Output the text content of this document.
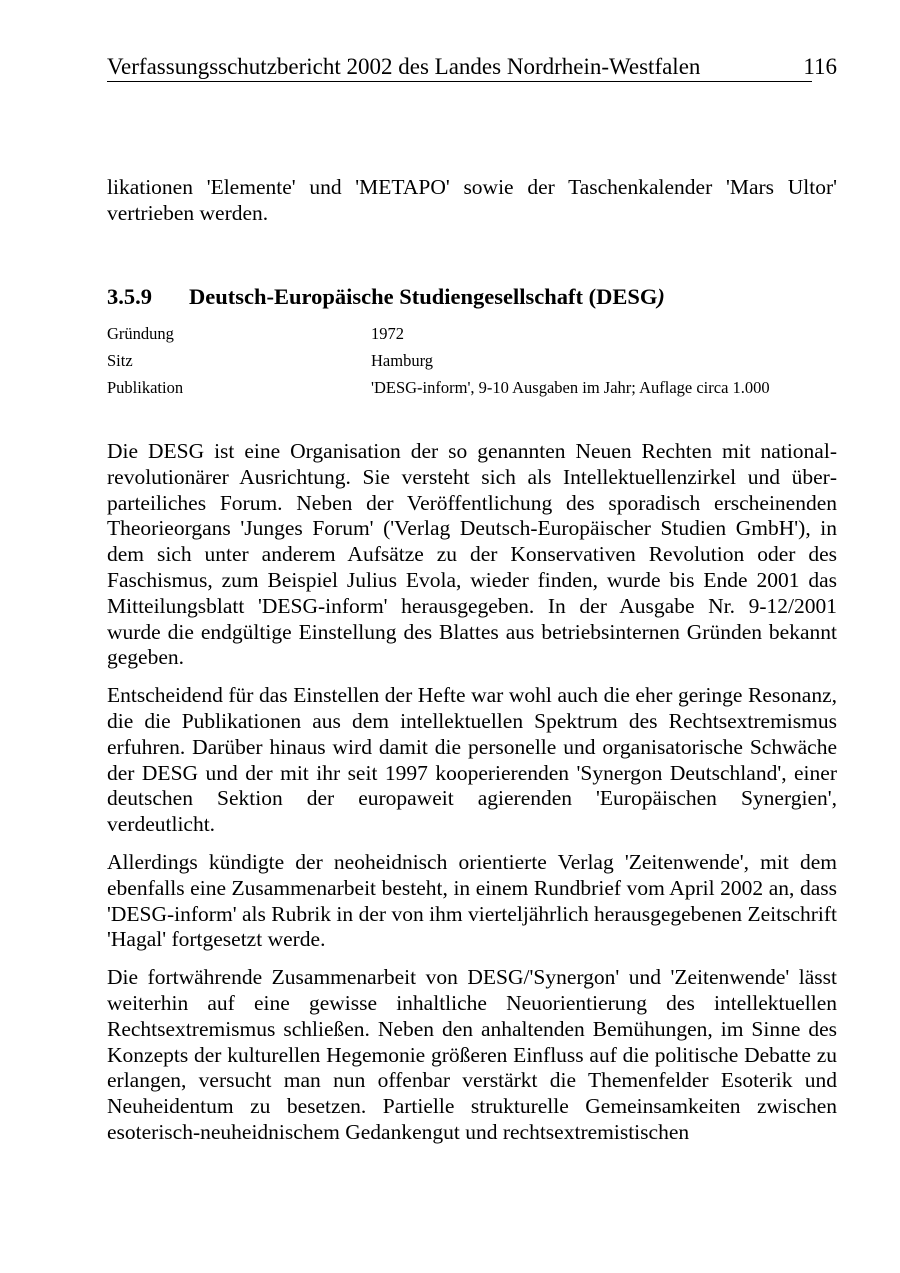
Verfassungsschutzbericht 2002 des Landes Nordrhein-Westfalen	116

likationen 'Elemente' und 'METAPO' sowie der Taschenkalender 'Mars Ultor' vertrieben werden.

3.5.9 Deutsch-Europäische Studiengesellschaft (DESG)
Gründung	1972
Sitz	Hamburg
Publikation	'DESG-inform', 9-10 Ausgaben im Jahr; Auflage circa 1.000

Die DESG ist eine Organisation der so genannten Neuen Rechten mit nationalrevolutionärer Ausrichtung. Sie versteht sich als Intellektuellenzirkel und überparteiliches Forum. Neben der Veröffentlichung des sporadisch erscheinenden Theorieorgans 'Junges Forum' ('Verlag Deutsch-Europäischer Studien GmbH'), in dem sich unter anderem Aufsätze zu der Konservativen Revolution oder des Faschismus, zum Beispiel Julius Evola, wieder finden, wurde bis Ende 2001 das Mitteilungsblatt 'DESG-inform' herausgegeben. In der Ausgabe Nr. 9-12/2001 wurde die endgültige Einstellung des Blattes aus betriebsinternen Gründen bekannt gegeben.

Entscheidend für das Einstellen der Hefte war wohl auch die eher geringe Resonanz, die die Publikationen aus dem intellektuellen Spektrum des Rechtsextremismus erfuhren. Darüber hinaus wird damit die personelle und organisatorische Schwäche der DESG und der mit ihr seit 1997 kooperierenden 'Synergon Deutschland', einer deutschen Sektion der europaweit agierenden 'Europäischen Synergien', verdeutlicht.

Allerdings kündigte der neoheidnisch orientierte Verlag 'Zeitenwende', mit dem ebenfalls eine Zusammenarbeit besteht, in einem Rundbrief vom April 2002 an, dass 'DESG-inform' als Rubrik in der von ihm vierteljährlich herausgegebenen Zeitschrift 'Hagal' fortgesetzt werde.

Die fortwährende Zusammenarbeit von DESG/'Synergon' und 'Zeitenwende' lässt weiterhin auf eine gewisse inhaltliche Neuorientierung des intellektuellen Rechtsextremismus schließen. Neben den anhaltenden Bemühungen, im Sinne des Konzepts der kulturellen Hegemonie größeren Einfluss auf die politische Debatte zu erlangen, versucht man nun offenbar verstärkt die Themenfelder Esoterik und Neuheidentum zu besetzen. Partielle strukturelle Gemeinsamkeiten zwischen esoterisch-neuheidnischem Gedankengut und rechtsextremistischen
